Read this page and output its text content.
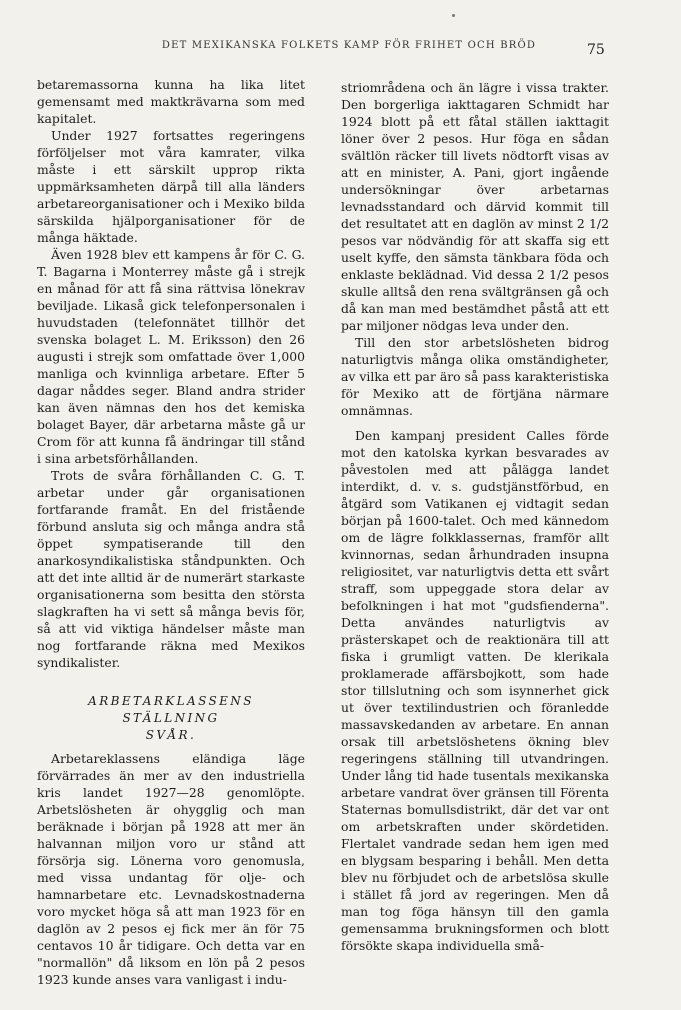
DET MEXIKANSKA FOLKETS KAMP FÖR FRIHET OCH BRÖD	75

betaremassorna kunna ha lika litet gemensamt med maktkrävarna som med kapitalet.

Under 1927 fortsattes regeringens förföljelser mot våra kamrater, vilka måste i ett särskilt upprop rikta uppmärksamheten därpå till alla länders arbetareorganisationer och i Mexiko bilda särskilda hjälporganisationer för de många häktade.

Även 1928 blev ett kampens år för C. G. T. Bagarna i Monterrey måste gå i strejk en månad för att få sina rättvisa lönekrav beviljade. Likaså gick telefonpersonalen i huvudstaden (telefonnätet tillhör det svenska bolaget L. M. Eriksson) den 26 augusti i strejk som omfattade över 1,000 manliga och kvinnliga arbetare. Efter 5 dagar nåddes seger. Bland andra strider kan även nämnas den hos det kemiska bolaget Bayer, där arbetarna måste gå ur Crom för att kunna få ändringar till stånd i sina arbetsförhållanden.

Trots de svåra förhållanden C. G. T. arbetar under går organisationen fortfarande framåt. En del fristående förbund ansluta sig och många andra stå öppet sympatiserande till den anarkosyndikalistiska ståndpunkten. Och att det inte alltid är de numerärt starkaste organisationerna som besitta den största slagkraften ha vi sett så många bevis för, så att vid viktiga händelser måste man nog fortfarande räkna med Mexikos syndikalister.

ARBETARKLASSENS STÄLLNING
SVÅR.

Arbetareklassens eländiga läge förvärrades än mer av den industriella kris landet 1927—28 genomlöpte. Arbetslösheten är ohygglig och man beräknade i början på 1928 att mer än halvannan miljon voro ur stånd att försörja sig. Lönerna voro genomusla, med vissa undantag för olje- och hamnarbetare etc. Levnadskostnaderna voro mycket höga så att man 1923 för en daglön av 2 pesos ej fick mer än för 75 centavos 10 år tidigare. Och detta var en "normallön" då liksom en lön på 2 pesos 1923 kunde anses vara vanligast i indu-

striområdena och än lägre i vissa trakter. Den borgerliga iakttagaren Schmidt har 1924 blott på ett fåtal ställen iakttagit löner över 2 pesos. Hur föga en sådan svältlön räcker till livets nödtorft visas av att en minister, A. Pani, gjort ingående undersökningar över arbetarnas levnadsstandard och därvid kommit till det resultatet att en daglön av minst 2 1/2 pesos var nödvändig för att skaffa sig ett uselt kyffe, den sämsta tänkbara föda och enklaste beklädnad. Vid dessa 2 1/2 pesos skulle alltså den rena svältgränsen gå och då kan man med bestämdhet påstå att ett par miljoner nödgas leva under den.

Till den stor arbetslösheten bidrog naturligtvis många olika omständigheter, av vilka ett par äro så pass karakteristiska för Mexiko att de förtjäna närmare omnämnas.

Den kampanj president Calles förde mot den katolska kyrkan besvarades av påvestolen med att pålägga landet interdikt, d. v. s. gudstjänstförbud, en åtgärd som Vatikanen ej vidtagit sedan början på 1600-talet. Och med kännedom om de lägre folkklassernas, framför allt kvinnornas, sedan århundraden insupna religiositet, var naturligtvis detta ett svårt straff, som uppeggade stora delar av befolkningen i hat mot "gudsfienderna". Detta användes naturligtvis av prästerskapet och de reaktionära till att fiska i grumligt vatten. De klerikala proklamerade affärsbojkott, som hade stor tillslutning och som isynnerhet gick ut över textilindustrien och föranledde massavskedanden av arbetare. En annan orsak till arbetslöshetens ökning blev regeringens ställning till utvandringen. Under lång tid hade tusentals mexikanska arbetare vandrat över gränsen till Förenta Staternas bomullsdistrikt, där det var ont om arbetskraften under skördetiden. Flertalet vandrade sedan hem igen med en blygsam besparing i behåll. Men detta blev nu förbjudet och de arbetslösa skulle i stället få jord av regeringen. Men då man tog föga hänsyn till den gamla gemensamma brukningsformen och blott försökte skapa individuella små-
